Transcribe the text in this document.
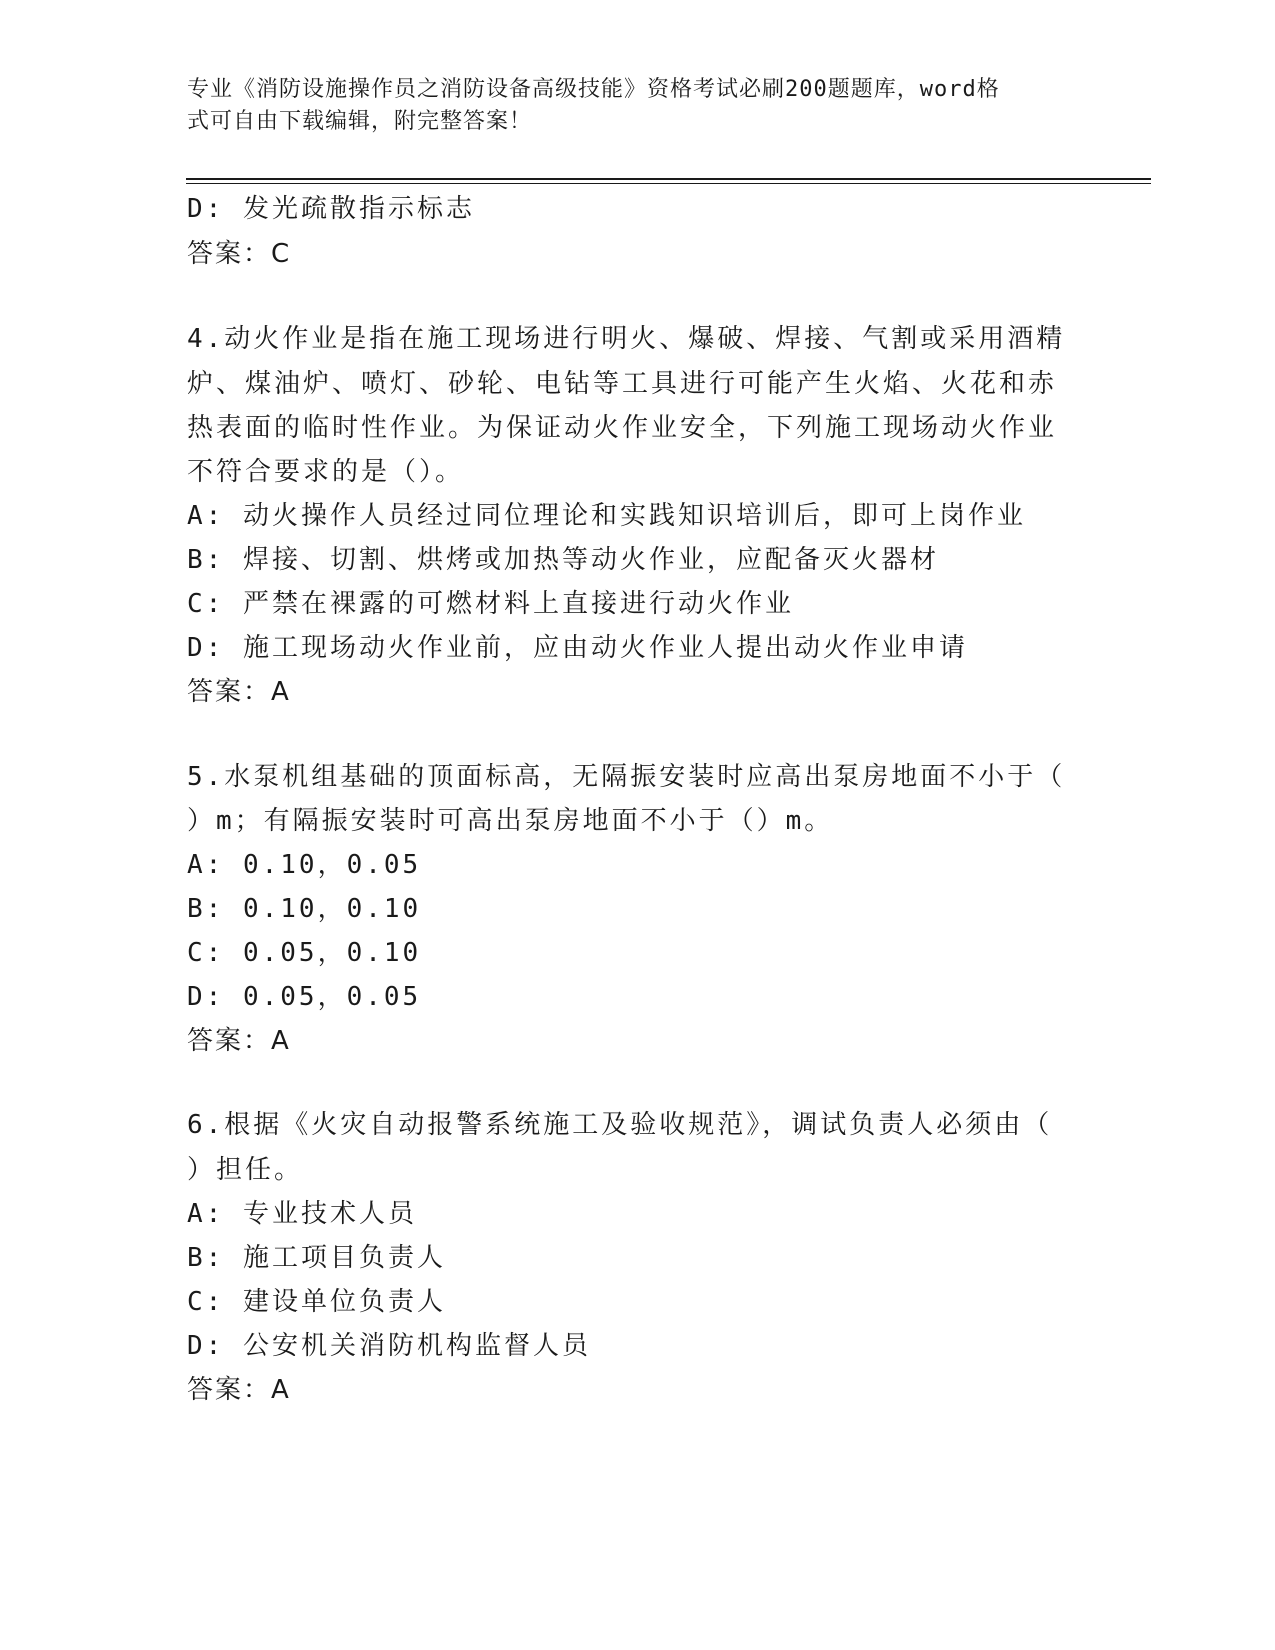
专业《消防设施操作员之消防设备高级技能》资格考试必刷200题题库，word格
式可自由下载编辑，附完整答案！
D: 发光疏散指示标志
答案：C
4.动火作业是指在施工现场进行明火、爆破、焊接、气割或采用酒精
炉、煤油炉、喷灯、砂轮、电钻等工具进行可能产生火焰、火花和赤
热表面的临时性作业。为保证动火作业安全，下列施工现场动火作业
不符合要求的是（）。
A: 动火操作人员经过同位理论和实践知识培训后，即可上岗作业
B: 焊接、切割、烘烤或加热等动火作业，应配备灭火器材
C: 严禁在裸露的可燃材料上直接进行动火作业
D: 施工现场动火作业前，应由动火作业人提出动火作业申请
答案：A
5.水泵机组基础的顶面标高，无隔振安装时应高出泵房地面不小于（
）m；有隔振安装时可高出泵房地面不小于（）m。
A: 0.10，0.05
B: 0.10，0.10
C: 0.05，0.10
D: 0.05，0.05
答案：A
6.根据《火灾自动报警系统施工及验收规范》，调试负责人必须由（
）担任。
A: 专业技术人员
B: 施工项目负责人
C: 建设单位负责人
D: 公安机关消防机构监督人员
答案：A
